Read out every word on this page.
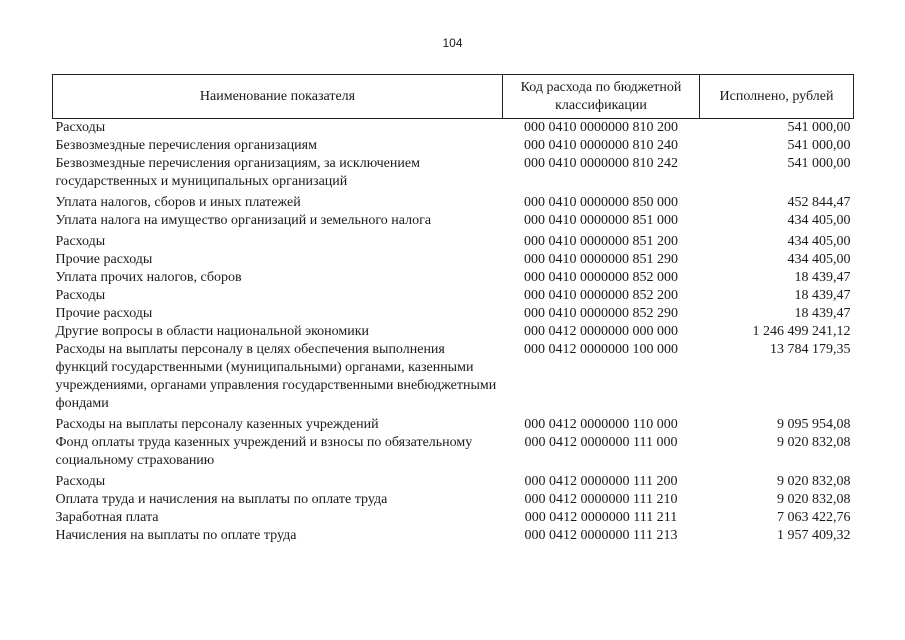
104
Наименование показателя	Код расхода по бюджетной классификации	Исполнено, рублей
Расходы	000 0410 0000000 810 200	541 000,00
Безвозмездные перечисления организациям	000 0410 0000000 810 240	541 000,00
Безвозмездные перечисления организациям, за исключением государственных и муниципальных организаций	000 0410 0000000 810 242	541 000,00
Уплата налогов, сборов и иных платежей	000 0410 0000000 850 000	452 844,47
Уплата налога на имущество организаций и земельного налога	000 0410 0000000 851 000	434 405,00
Расходы	000 0410 0000000 851 200	434 405,00
Прочие расходы	000 0410 0000000 851 290	434 405,00
Уплата прочих налогов, сборов	000 0410 0000000 852 000	18 439,47
Расходы	000 0410 0000000 852 200	18 439,47
Прочие расходы	000 0410 0000000 852 290	18 439,47
Другие вопросы в области национальной экономики	000 0412 0000000 000 000	1 246 499 241,12
Расходы на выплаты персоналу в целях обеспечения выполнения функций государственными (муниципальными) органами, казенными учреждениями, органами управления государственными внебюджетными фондами	000 0412 0000000 100 000	13 784 179,35
Расходы на выплаты персоналу казенных учреждений	000 0412 0000000 110 000	9 095 954,08
Фонд оплаты труда казенных учреждений и взносы по обязательному социальному страхованию	000 0412 0000000 111 000	9 020 832,08
Расходы	000 0412 0000000 111 200	9 020 832,08
Оплата труда и начисления на выплаты по оплате труда	000 0412 0000000 111 210	9 020 832,08
Заработная плата	000 0412 0000000 111 211	7 063 422,76
Начисления на выплаты по оплате труда	000 0412 0000000 111 213	1 957 409,32
